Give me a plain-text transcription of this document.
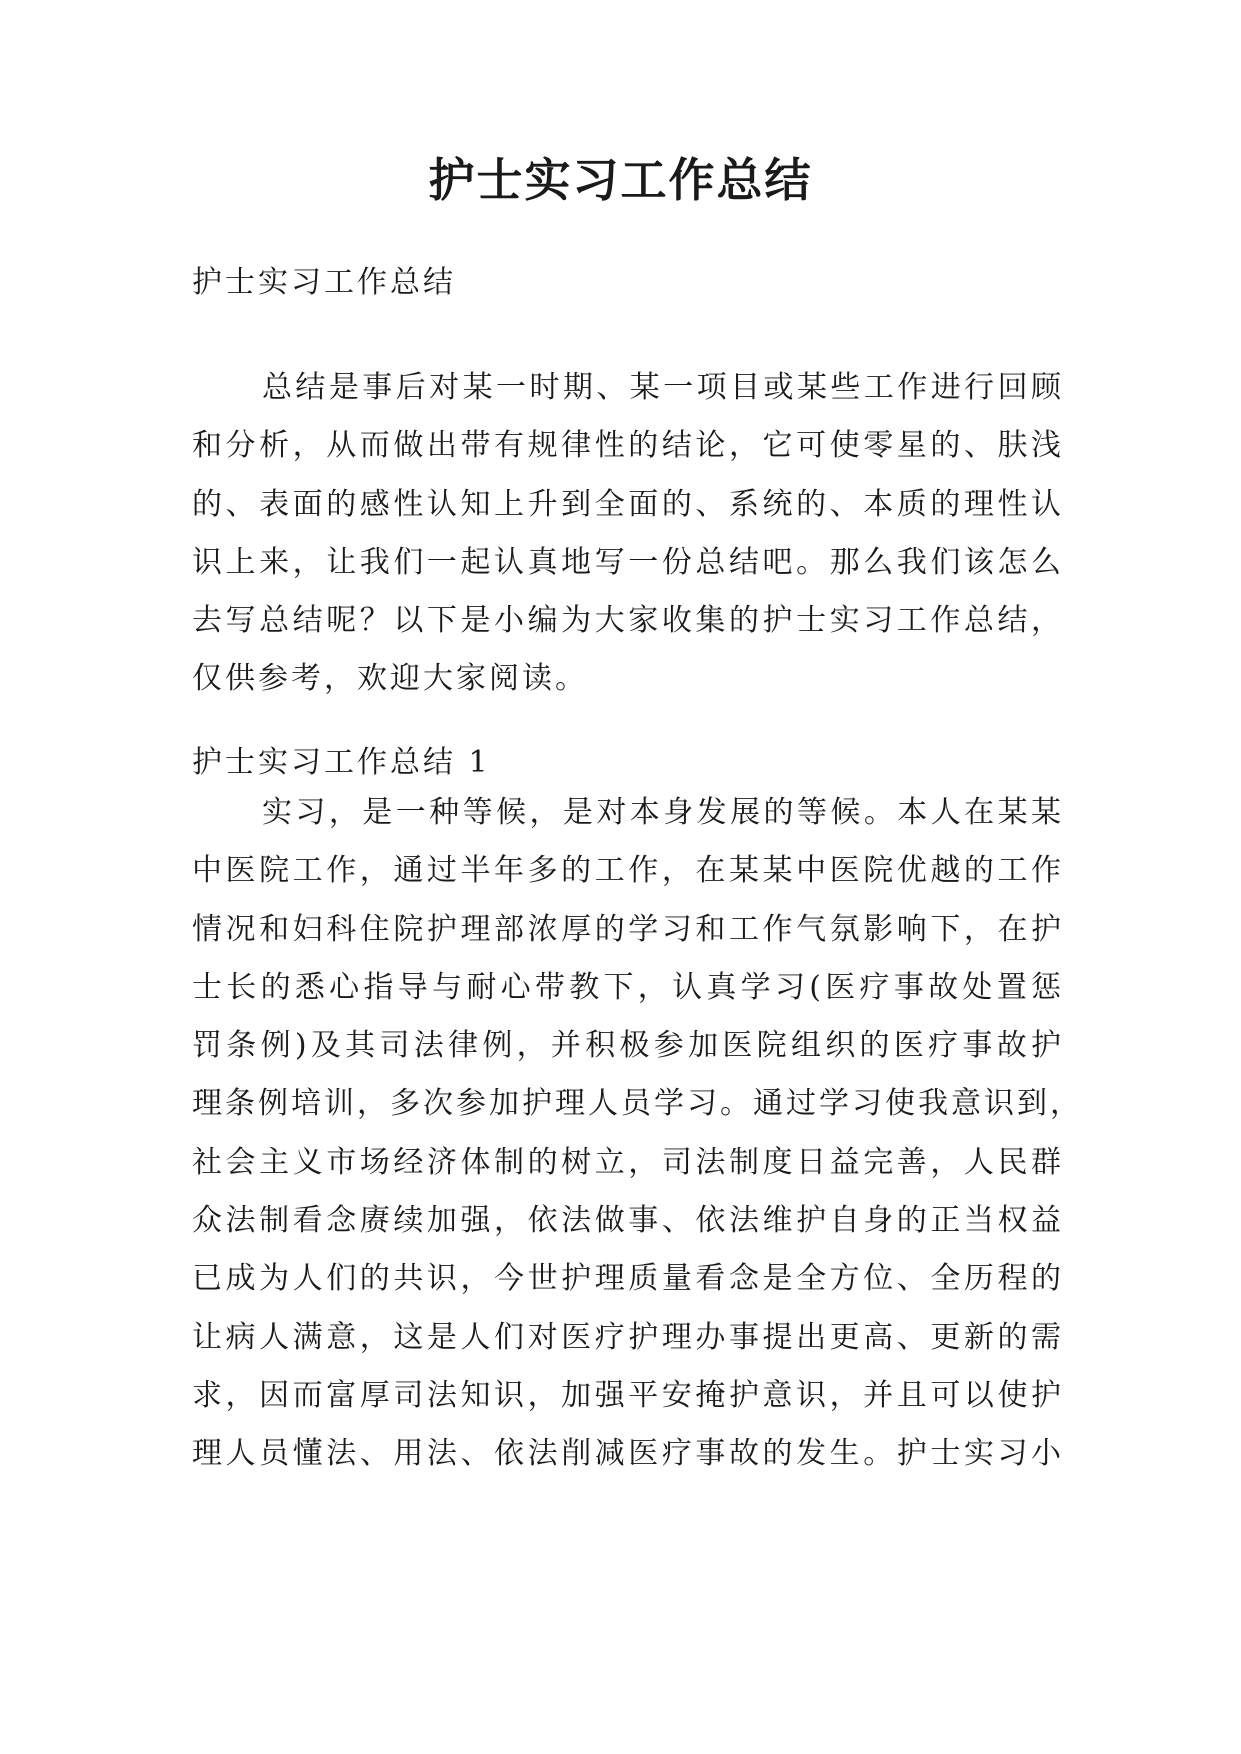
护士实习工作总结

护士实习工作总结

总结是事后对某一时期、某一项目或某些工作进行回顾
和分析，从而做出带有规律性的结论，它可使零星的、肤浅
的、表面的感性认知上升到全面的、系统的、本质的理性认
识上来，让我们一起认真地写一份总结吧。那么我们该怎么
去写总结呢？以下是小编为大家收集的护士实习工作总结，
仅供参考，欢迎大家阅读。

护士实习工作总结 1

实习，是一种等候，是对本身发展的等候。本人在某某
中医院工作，通过半年多的工作，在某某中医院优越的工作
情况和妇科住院护理部浓厚的学习和工作气氛影响下，在护
士长的悉心指导与耐心带教下，认真学习(医疗事故处置惩
罚条例)及其司法律例，并积极参加医院组织的医疗事故护
理条例培训，多次参加护理人员学习。通过学习使我意识到，
社会主义市场经济体制的树立，司法制度日益完善，人民群
众法制看念赓续加强，依法做事、依法维护自身的正当权益
已成为人们的共识，今世护理质量看念是全方位、全历程的
让病人满意，这是人们对医疗护理办事提出更高、更新的需
求，因而富厚司法知识，加强平安掩护意识，并且可以使护
理人员懂法、用法、依法削减医疗事故的发生。护士实习小
